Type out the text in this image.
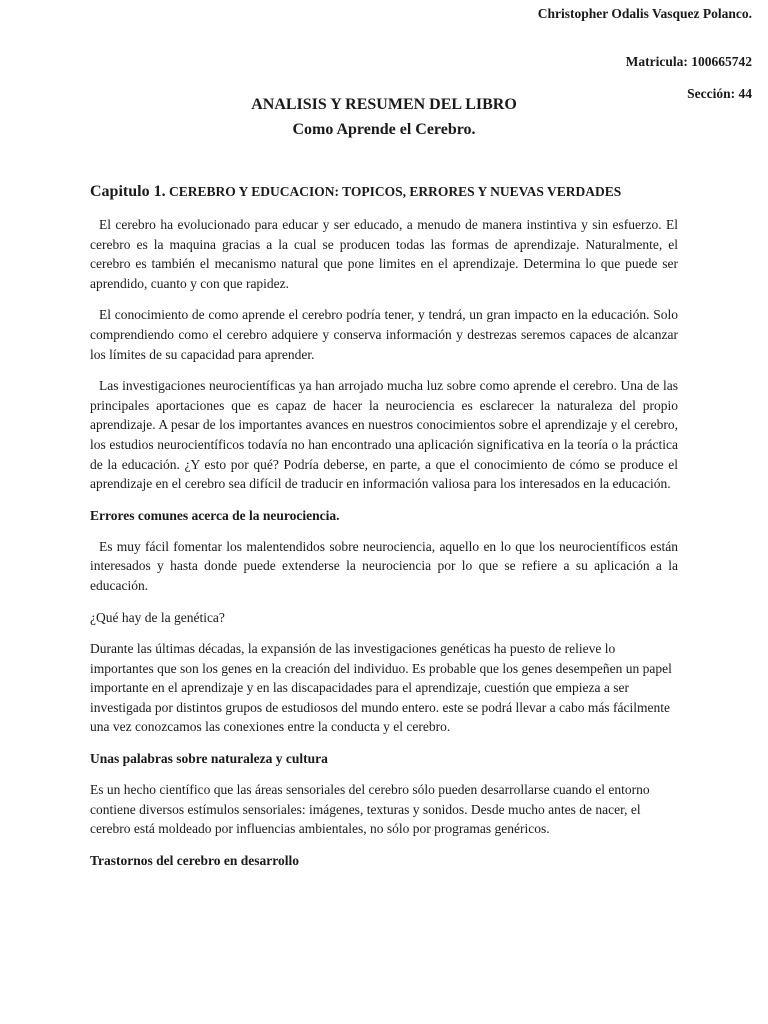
Christopher Odalis Vasquez Polanco.
Matricula: 100665742
Sección: 44
ANALISIS Y RESUMEN DEL LIBRO
Como Aprende el Cerebro.
Capitulo 1. CEREBRO Y EDUCACION: TOPICOS, ERRORES Y NUEVAS VERDADES

El cerebro ha evolucionado para educar y ser educado, a menudo de manera instintiva y sin esfuerzo. El cerebro es la maquina gracias a la cual se producen todas las formas de aprendizaje. Naturalmente, el cerebro es también el mecanismo natural que pone limites en el aprendizaje. Determina lo que puede ser aprendido, cuanto y con que rapidez.

El conocimiento de como aprende el cerebro podría tener, y tendrá, un gran impacto en la educación. Solo comprendiendo como el cerebro adquiere y conserva información y destrezas seremos capaces de alcanzar los límites de su capacidad para aprender.

Las investigaciones neurocientíficas ya han arrojado mucha luz sobre como aprende el cerebro. Una de las principales aportaciones que es capaz de hacer la neurociencia es esclarecer la naturaleza del propio aprendizaje. A pesar de los importantes avances en nuestros conocimientos sobre el aprendizaje y el cerebro, los estudios neurocientíficos todavía no han encontrado una aplicación significativa en la teoría o la práctica de la educación. ¿Y esto por qué? Podría deberse, en parte, a que el conocimiento de cómo se produce el aprendizaje en el cerebro sea difícil de traducir en información valiosa para los interesados en la educación.

Errores comunes acerca de la neurociencia.

Es muy fácil fomentar los malentendidos sobre neurociencia, aquello en lo que los neurocientíficos están interesados y hasta donde puede extenderse la neurociencia por lo que se refiere a su aplicación a la educación.

¿Qué hay de la genética?

Durante las últimas décadas, la expansión de las investigaciones genéticas ha puesto de relieve lo importantes que son los genes en la creación del individuo. Es probable que los genes desempeñen un papel importante en el aprendizaje y en las discapacidades para el aprendizaje, cuestión que empieza a ser investigada por distintos grupos de estudiosos del mundo entero. este se podrá llevar a cabo más fácilmente una vez conozcamos las conexiones entre la conducta y el cerebro.

Unas palabras sobre naturaleza y cultura

Es un hecho científico que las áreas sensoriales del cerebro sólo pueden desarrollarse cuando el entorno contiene diversos estímulos sensoriales: imágenes, texturas y sonidos. Desde mucho antes de nacer, el cerebro está moldeado por influencias ambientales, no sólo por programas genéricos.

Trastornos del cerebro en desarrollo
